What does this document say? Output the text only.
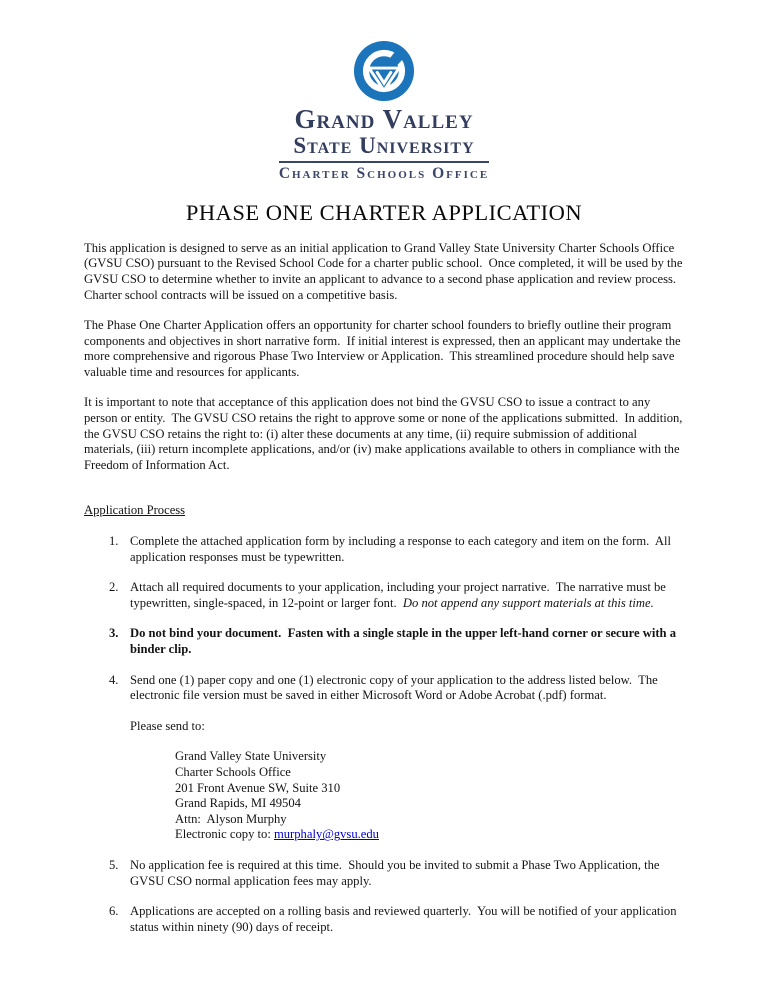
Grand Valley
State University
Charter Schools Office
PHASE ONE CHARTER APPLICATION
This application is designed to serve as an initial application to Grand Valley State University Charter Schools Office (GVSU CSO) pursuant to the Revised School Code for a charter public school.  Once completed, it will be used by the GVSU CSO to determine whether to invite an applicant to advance to a second phase application and review process.  Charter school contracts will be issued on a competitive basis.
The Phase One Charter Application offers an opportunity for charter school founders to briefly outline their program components and objectives in short narrative form.  If initial interest is expressed, then an applicant may undertake the more comprehensive and rigorous Phase Two Interview or Application.  This streamlined procedure should help save valuable time and resources for applicants.
It is important to note that acceptance of this application does not bind the GVSU CSO to issue a contract to any person or entity.  The GVSU CSO retains the right to approve some or none of the applications submitted.  In addition, the GVSU CSO retains the right to: (i) alter these documents at any time, (ii) require submission of additional materials, (iii) return incomplete applications, and/or (iv) make applications available to others in compliance with the Freedom of Information Act.
Application Process
1. Complete the attached application form by including a response to each category and item on the form.  All application responses must be typewritten.
2. Attach all required documents to your application, including your project narrative.  The narrative must be typewritten, single-spaced, in 12-point or larger font.  Do not append any support materials at this time.
3. Do not bind your document.  Fasten with a single staple in the upper left-hand corner or secure with a binder clip.
4. Send one (1) paper copy and one (1) electronic copy of your application to the address listed below.  The electronic file version must be saved in either Microsoft Word or Adobe Acrobat (.pdf) format.
Please send to:
Grand Valley State University
Charter Schools Office
201 Front Avenue SW, Suite 310
Grand Rapids, MI 49504
Attn:  Alyson Murphy
Electronic copy to: murphaly@gvsu.edu
5. No application fee is required at this time.  Should you be invited to submit a Phase Two Application, the GVSU CSO normal application fees may apply.
6. Applications are accepted on a rolling basis and reviewed quarterly.  You will be notified of your application status within ninety (90) days of receipt.
